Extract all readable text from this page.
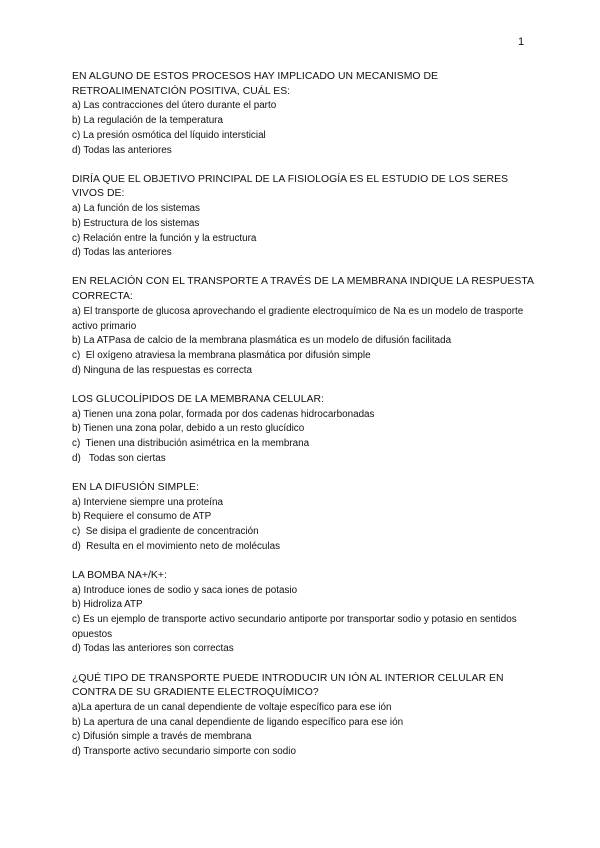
1
EN ALGUNO DE ESTOS PROCESOS HAY IMPLICADO UN MECANISMO DE RETROALIMENATCIÓN POSITIVA, CUÁL ES:
a) Las contracciones del útero durante el parto
b) La regulación de la temperatura
c) La presión osmótica del líquido intersticial
d) Todas las anteriores
DIRÍA QUE EL OBJETIVO PRINCIPAL DE LA FISIOLOGÍA ES EL ESTUDIO DE LOS SERES VIVOS DE:
a) La función de los sistemas
b) Estructura de los sistemas
c) Relación entre la función y la estructura
d) Todas las anteriores
EN RELACIÓN CON EL TRANSPORTE A TRAVÉS DE LA MEMBRANA INDIQUE LA RESPUESTA CORRECTA:
a) El transporte de glucosa aprovechando el gradiente electroquímico de Na es un modelo de trasporte activo primario
b) La ATPasa de calcio de la membrana plasmática es un modelo de difusión facilitada
c)  El oxígeno atraviesa la membrana plasmática por difusión simple
d) Ninguna de las respuestas es correcta
LOS GLUCOLÍPIDOS DE LA MEMBRANA CELULAR:
a) Tienen una zona polar, formada por dos cadenas hidrocarbonadas
b) Tienen una zona polar, debido a un resto glucídico
c)  Tienen una distribución asimétrica en la membrana
d)   Todas son ciertas
EN LA DIFUSIÓN SIMPLE:
a) Interviene siempre una proteína
b) Requiere el consumo de ATP
c)  Se disipa el gradiente de concentración
d)  Resulta en el movimiento neto de moléculas
LA BOMBA NA+/K+:
a) Introduce iones de sodio y saca iones de potasio
b) Hidroliza ATP
c) Es un ejemplo de transporte activo secundario antiporte por transportar sodio y potasio en sentidos opuestos
d) Todas las anteriores son correctas
¿QUÉ TIPO DE TRANSPORTE PUEDE INTRODUCIR UN IÓN AL INTERIOR CELULAR EN CONTRA DE SU GRADIENTE ELECTROQUÍMICO?
a)La apertura de un canal dependiente de voltaje específico para ese ión
b) La apertura de una canal dependiente de ligando específico para ese ión
c) Difusión simple a través de membrana
d) Transporte activo secundario simporte con sodio
